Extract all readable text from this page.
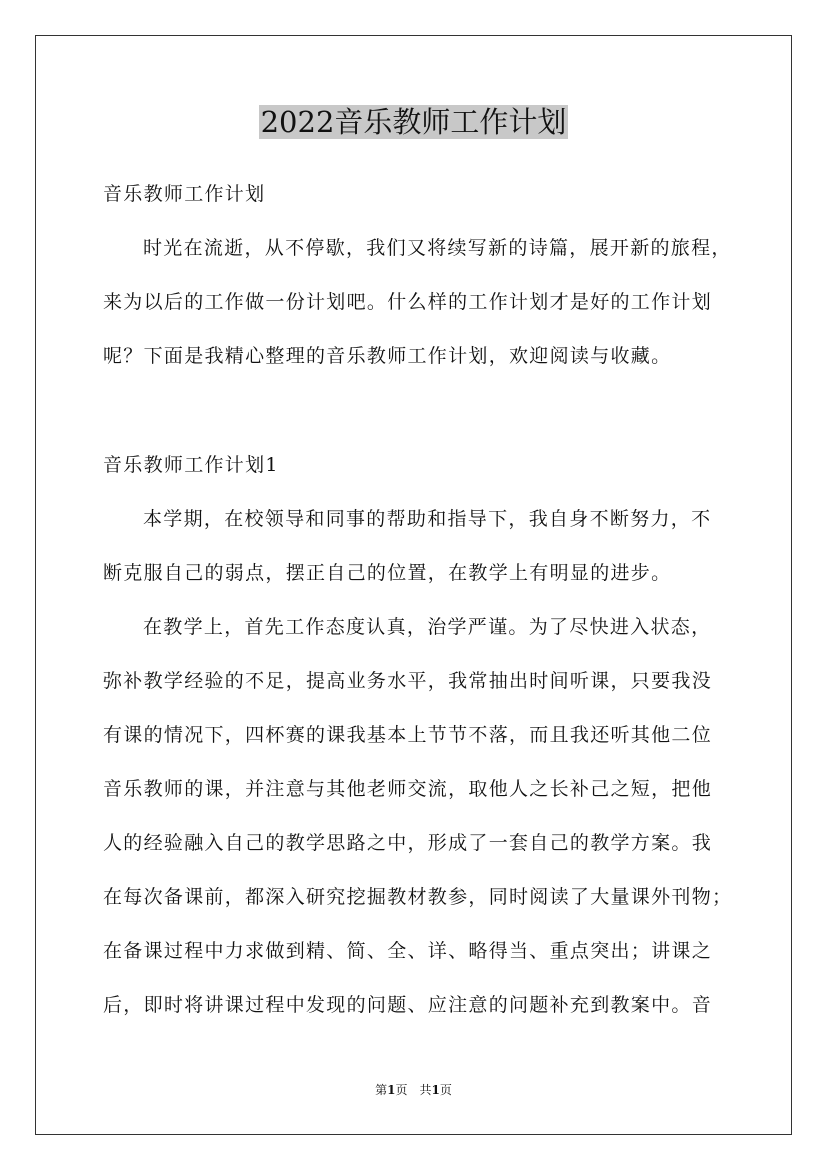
2022音乐教师工作计划
音乐教师工作计划
时光在流逝，从不停歇，我们又将续写新的诗篇，展开新的旅程，
来为以后的工作做一份计划吧。什么样的工作计划才是好的工作计划
呢？下面是我精心整理的音乐教师工作计划，欢迎阅读与收藏。
音乐教师工作计划1
本学期，在校领导和同事的帮助和指导下，我自身不断努力，不
断克服自己的弱点，摆正自己的位置，在教学上有明显的进步。
在教学上，首先工作态度认真，治学严谨。为了尽快进入状态，
弥补教学经验的不足，提高业务水平，我常抽出时间听课，只要我没
有课的情况下，四杯赛的课我基本上节节不落，而且我还听其他二位
音乐教师的课，并注意与其他老师交流，取他人之长补己之短，把他
人的经验融入自己的教学思路之中，形成了一套自己的教学方案。我
在每次备课前，都深入研究挖掘教材教参，同时阅读了大量课外刊物；
在备课过程中力求做到精、简、全、详、略得当、重点突出；讲课之
后，即时将讲课过程中发现的问题、应注意的问题补充到教案中。音
第1页　共1页
